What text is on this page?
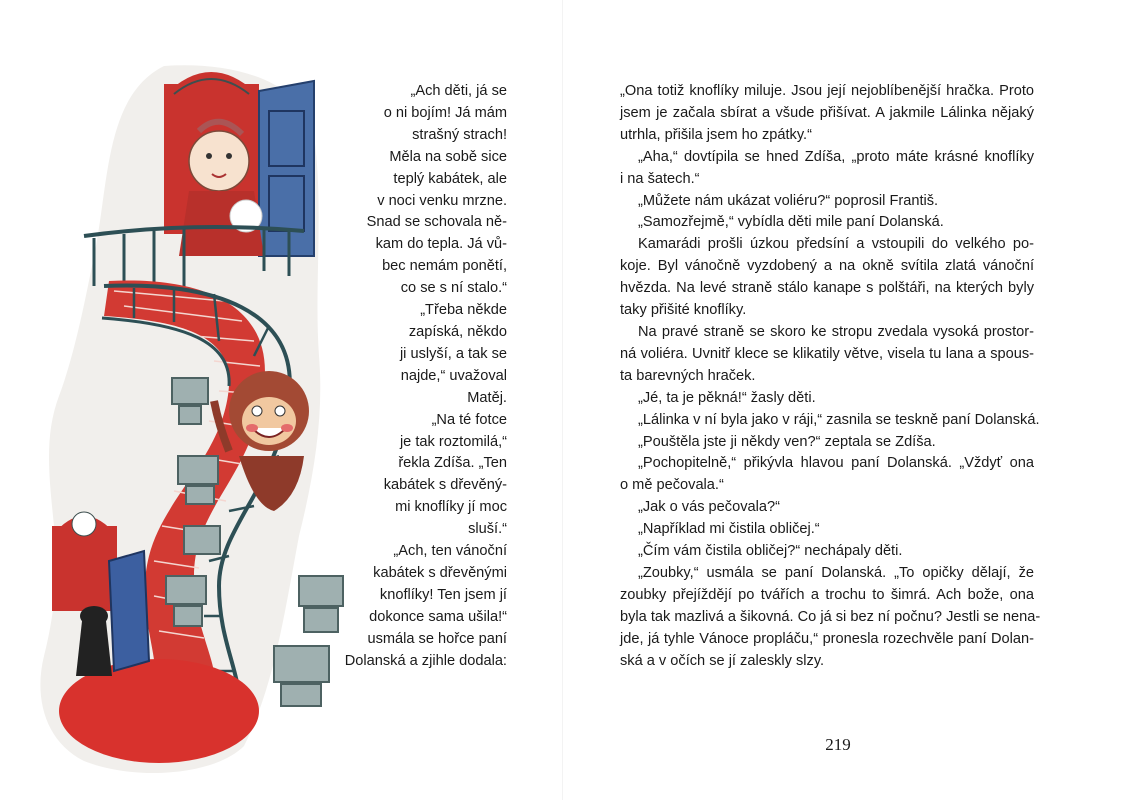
„Ach děti, já se
o ni bojím! Já mám
strašný strach!
Měla na sobě sice
teplý kabátek, ale
v noci venku mrzne.
Snad se schovala ně-
kam do tepla. Já vů-
bec nemám ponětí,
co se s ní stalo.“
„Třeba někde
zapíská, někdo
ji uslyší, a tak se
najde,“ uvažoval
Matěj.
„Na té fotce
je tak roztomilá,“
řekla Zdíša. „Ten
kabátek s dřevěný-
mi knoflíky jí moc
sluší.“
„Ach, ten vánoční
kabátek s dřevěnými
knoflíky! Ten jsem jí
dokonce sama ušila!“
usmála se hořce paní
Dolanská a zjihle dodala:
„Ona totiž knoflíky miluje. Jsou její nejoblíbenější hračka. Proto
jsem je začala sbírat a všude přišívat. A jakmile Lálinka nějaký
utrhla, přišila jsem ho zpátky.“
„Aha,“ dovtípila se hned Zdíša, „proto máte krásné knoflíky
i na šatech.“
„Můžete nám ukázat voliéru?“ poprosil Františ.
„Samozřejmě,“ vybídla děti mile paní Dolanská.
Kamarádi prošli úzkou předsíní a vstoupili do velkého po-
koje. Byl vánočně vyzdobený a na okně svítila zlatá vánoční
hvězda. Na levé straně stálo kanape s polštáři, na kterých byly
taky přišité knoflíky.
Na pravé straně se skoro ke stropu zvedala vysoká prostor-
ná voliéra. Uvnitř klece se klikatily větve, visela tu lana a spous-
ta barevných hraček.
„Jé, ta je pěkná!“ žasly děti.
„Lálinka v ní byla jako v ráji,“ zasnila se teskně paní Dolanská.
„Pouštěla jste ji někdy ven?“ zeptala se Zdíša.
„Pochopitelně,“ přikývla hlavou paní Dolanská. „Vždyť ona
o mě pečovala.“
„Jak o vás pečovala?“
„Například mi čistila obličej.“
„Čím vám čistila obličej?“ nechápaly děti.
„Zoubky,“ usmála se paní Dolanská. „To opičky dělají, že
zoubky přejíždějí po tvářích a trochu to šimrá. Ach bože, ona
byla tak mazlivá a šikovná. Co já si bez ní počnu? Jestli se nena-
jde, já tyhle Vánoce propláču,“ pronesla rozechvěle paní Dolan-
ská a v očích se jí zaleskly slzy.
219
